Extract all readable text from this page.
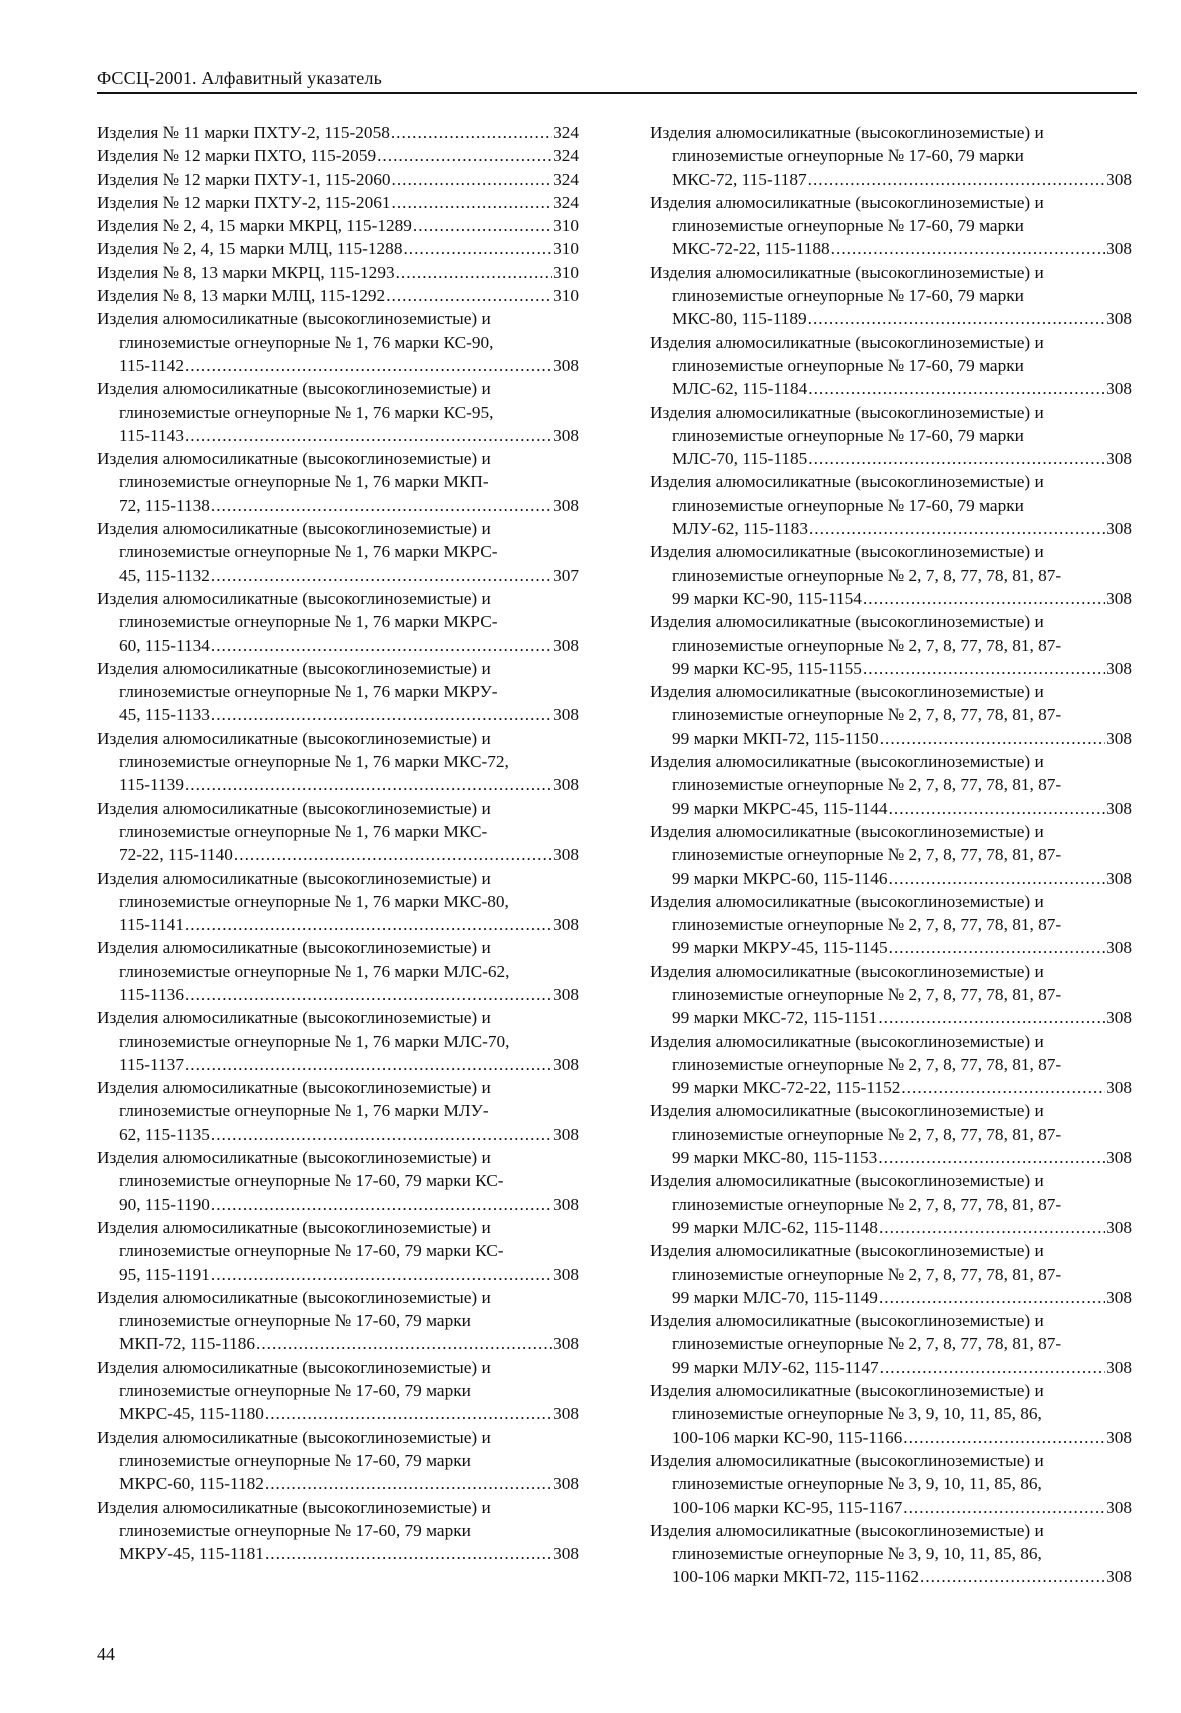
ФССЦ-2001. Алфавитный указатель
Изделия № 11 марки ПХТУ-2, 115-2058 .....	324
Изделия № 12 марки ПХТО, 115-2059 .....	324
Изделия № 12 марки ПХТУ-1, 115-2060 .....	324
Изделия № 12 марки ПХТУ-2, 115-2061 .....	324
Изделия № 2, 4, 15 марки МКРЦ, 115-1289 .....	310
Изделия № 2, 4, 15 марки МЛЦ, 115-1288 .....	310
Изделия № 8, 13 марки МКРЦ, 115-1293 .....	310
Изделия № 8, 13 марки МЛЦ, 115-1292 .....	310
Изделия алюмосиликатные (высокоглиноземистые) и
глиноземистые огнеупорные № 1, 76 марки КС-90,
115-1142 .....	308
Изделия алюмосиликатные (высокоглиноземистые) и
глиноземистые огнеупорные № 1, 76 марки КС-95,
115-1143 .....	308
Изделия алюмосиликатные (высокоглиноземистые) и
глиноземистые огнеупорные № 1, 76 марки МКП-
72, 115-1138 .....	308
Изделия алюмосиликатные (высокоглиноземистые) и
глиноземистые огнеупорные № 1, 76 марки МКРС-
45, 115-1132 .....	307
Изделия алюмосиликатные (высокоглиноземистые) и
глиноземистые огнеупорные № 1, 76 марки МКРС-
60, 115-1134 .....	308
Изделия алюмосиликатные (высокоглиноземистые) и
глиноземистые огнеупорные № 1, 76 марки МКРУ-
45, 115-1133 .....	308
Изделия алюмосиликатные (высокоглиноземистые) и
глиноземистые огнеупорные № 1, 76 марки МКС-72,
115-1139 .....	308
Изделия алюмосиликатные (высокоглиноземистые) и
глиноземистые огнеупорные № 1, 76 марки МКС-
72-22, 115-1140 .....	308
Изделия алюмосиликатные (высокоглиноземистые) и
глиноземистые огнеупорные № 1, 76 марки МКС-80,
115-1141 .....	308
Изделия алюмосиликатные (высокоглиноземистые) и
глиноземистые огнеупорные № 1, 76 марки МЛС-62,
115-1136 .....	308
Изделия алюмосиликатные (высокоглиноземистые) и
глиноземистые огнеупорные № 1, 76 марки МЛС-70,
115-1137 .....	308
Изделия алюмосиликатные (высокоглиноземистые) и
глиноземистые огнеупорные № 1, 76 марки МЛУ-
62, 115-1135 .....	308
Изделия алюмосиликатные (высокоглиноземистые) и
глиноземистые огнеупорные № 17-60, 79 марки КС-
90, 115-1190 .....	308
Изделия алюмосиликатные (высокоглиноземистые) и
глиноземистые огнеупорные № 17-60, 79 марки КС-
95, 115-1191 .....	308
Изделия алюмосиликатные (высокоглиноземистые) и
глиноземистые огнеупорные № 17-60, 79 марки
МКП-72, 115-1186 .....	308
Изделия алюмосиликатные (высокоглиноземистые) и
глиноземистые огнеупорные № 17-60, 79 марки
МКРС-45, 115-1180 .....	308
Изделия алюмосиликатные (высокоглиноземистые) и
глиноземистые огнеупорные № 17-60, 79 марки
МКРС-60, 115-1182 .....	308
Изделия алюмосиликатные (высокоглиноземистые) и
глиноземистые огнеупорные № 17-60, 79 марки
МКРУ-45, 115-1181 .....	308
Изделия алюмосиликатные (высокоглиноземистые) и
глиноземистые огнеупорные № 17-60, 79 марки
МКС-72, 115-1187 .....	308
Изделия алюмосиликатные (высокоглиноземистые) и
глиноземистые огнеупорные № 17-60, 79 марки
МКС-72-22, 115-1188 .....	308
Изделия алюмосиликатные (высокоглиноземистые) и
глиноземистые огнеупорные № 17-60, 79 марки
МКС-80, 115-1189 .....	308
Изделия алюмосиликатные (высокоглиноземистые) и
глиноземистые огнеупорные № 17-60, 79 марки
МЛС-62, 115-1184 .....	308
Изделия алюмосиликатные (высокоглиноземистые) и
глиноземистые огнеупорные № 17-60, 79 марки
МЛС-70, 115-1185 .....	308
Изделия алюмосиликатные (высокоглиноземистые) и
глиноземистые огнеупорные № 17-60, 79 марки
МЛУ-62, 115-1183 .....	308
Изделия алюмосиликатные (высокоглиноземистые) и
глиноземистые огнеупорные № 2, 7, 8, 77, 78, 81, 87-
99 марки КС-90, 115-1154 .....	308
Изделия алюмосиликатные (высокоглиноземистые) и
глиноземистые огнеупорные № 2, 7, 8, 77, 78, 81, 87-
99 марки КС-95, 115-1155 .....	308
Изделия алюмосиликатные (высокоглиноземистые) и
глиноземистые огнеупорные № 2, 7, 8, 77, 78, 81, 87-
99 марки МКП-72, 115-1150 .....	308
Изделия алюмосиликатные (высокоглиноземистые) и
глиноземистые огнеупорные № 2, 7, 8, 77, 78, 81, 87-
99 марки МКРС-45, 115-1144 .....	308
Изделия алюмосиликатные (высокоглиноземистые) и
глиноземистые огнеупорные № 2, 7, 8, 77, 78, 81, 87-
99 марки МКРС-60, 115-1146 .....	308
Изделия алюмосиликатные (высокоглиноземистые) и
глиноземистые огнеупорные № 2, 7, 8, 77, 78, 81, 87-
99 марки МКРУ-45, 115-1145 .....	308
Изделия алюмосиликатные (высокоглиноземистые) и
глиноземистые огнеупорные № 2, 7, 8, 77, 78, 81, 87-
99 марки МКС-72, 115-1151 .....	308
Изделия алюмосиликатные (высокоглиноземистые) и
глиноземистые огнеупорные № 2, 7, 8, 77, 78, 81, 87-
99 марки МКС-72-22, 115-1152 .....	308
Изделия алюмосиликатные (высокоглиноземистые) и
глиноземистые огнеупорные № 2, 7, 8, 77, 78, 81, 87-
99 марки МКС-80, 115-1153 .....	308
Изделия алюмосиликатные (высокоглиноземистые) и
глиноземистые огнеупорные № 2, 7, 8, 77, 78, 81, 87-
99 марки МЛС-62, 115-1148 .....	308
Изделия алюмосиликатные (высокоглиноземистые) и
глиноземистые огнеупорные № 2, 7, 8, 77, 78, 81, 87-
99 марки МЛС-70, 115-1149 .....	308
Изделия алюмосиликатные (высокоглиноземистые) и
глиноземистые огнеупорные № 2, 7, 8, 77, 78, 81, 87-
99 марки МЛУ-62, 115-1147 .....	308
Изделия алюмосиликатные (высокоглиноземистые) и
глиноземистые огнеупорные № 3, 9, 10, 11, 85, 86,
100-106 марки КС-90, 115-1166 .....	308
Изделия алюмосиликатные (высокоглиноземистые) и
глиноземистые огнеупорные № 3, 9, 10, 11, 85, 86,
100-106 марки КС-95, 115-1167 .....	308
Изделия алюмосиликатные (высокоглиноземистые) и
глиноземистые огнеупорные № 3, 9, 10, 11, 85, 86,
100-106 марки МКП-72, 115-1162 .....	308
44
